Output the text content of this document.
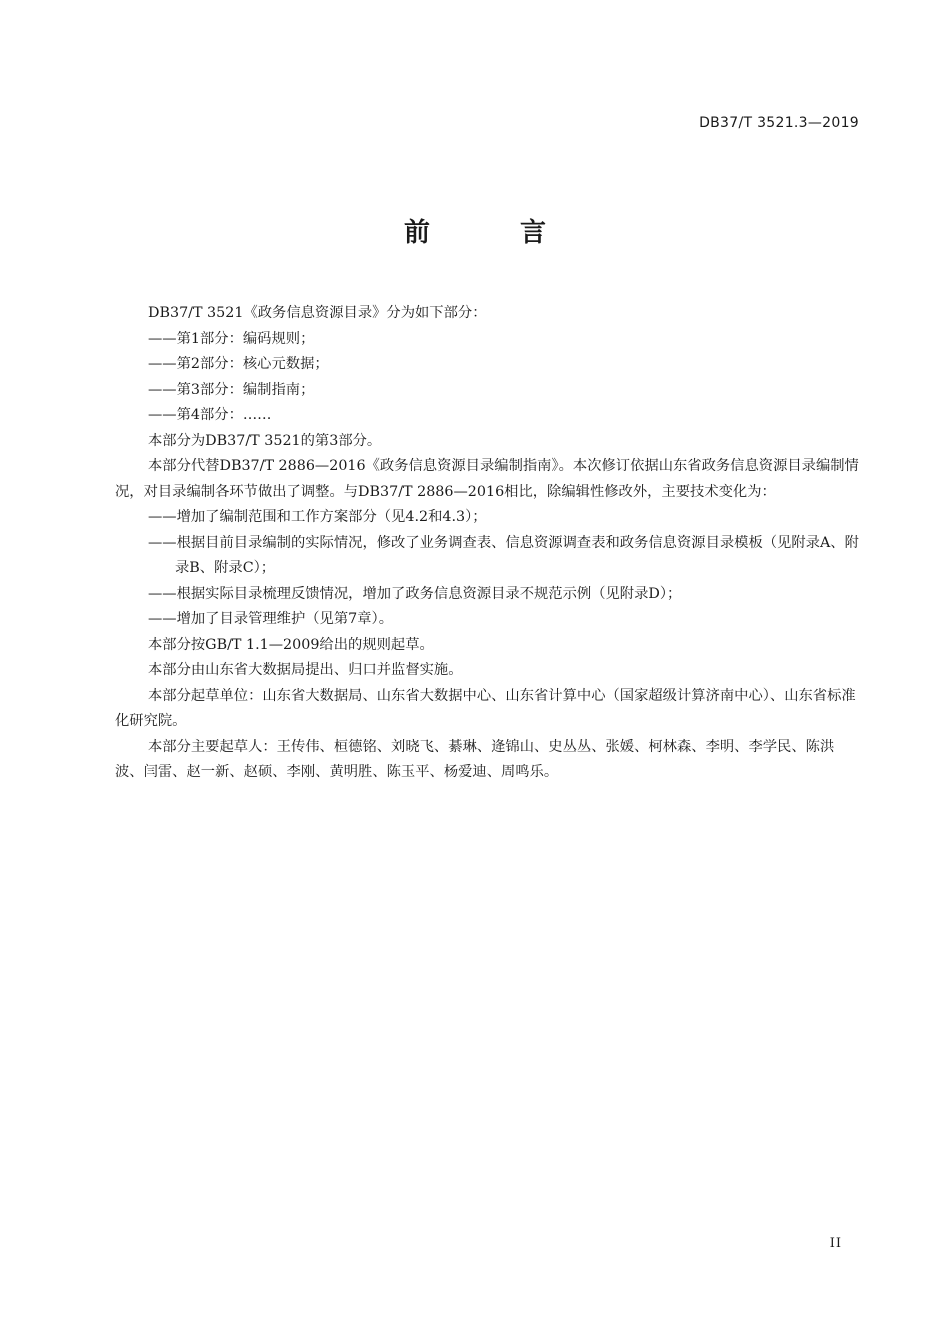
DB37/T 3521.3—2019
前　言

DB37/T 3521《政务信息资源目录》分为如下部分：

——第1部分：编码规则；

——第2部分：核心元数据；

——第3部分：编制指南；

——第4部分：……

本部分为DB37/T 3521的第3部分。

本部分代替DB37/T 2886—2016《政务信息资源目录编制指南》。本次修订依据山东省政务信息资源目录编制情况，对目录编制各环节做出了调整。与DB37/T 2886—2016相比，除编辑性修改外，主要技术变化为：

——增加了编制范围和工作方案部分（见4.2和4.3）；

——根据目前目录编制的实际情况，修改了业务调查表、信息资源调查表和政务信息资源目录模板（见附录A、附录B、附录C）；

——根据实际目录梳理反馈情况，增加了政务信息资源目录不规范示例（见附录D）；

——增加了目录管理维护（见第7章）。

本部分按GB/T 1.1—2009给出的规则起草。

本部分由山东省大数据局提出、归口并监督实施。

本部分起草单位：山东省大数据局、山东省大数据中心、山东省计算中心（国家超级计算济南中心）、山东省标准化研究院。

本部分主要起草人：王传伟、桓德铭、刘晓飞、綦琳、逄锦山、史丛丛、张媛、柯林森、李明、李学民、陈洪波、闫雷、赵一新、赵硕、李刚、黄明胜、陈玉平、杨爱迪、周鸣乐。

II
